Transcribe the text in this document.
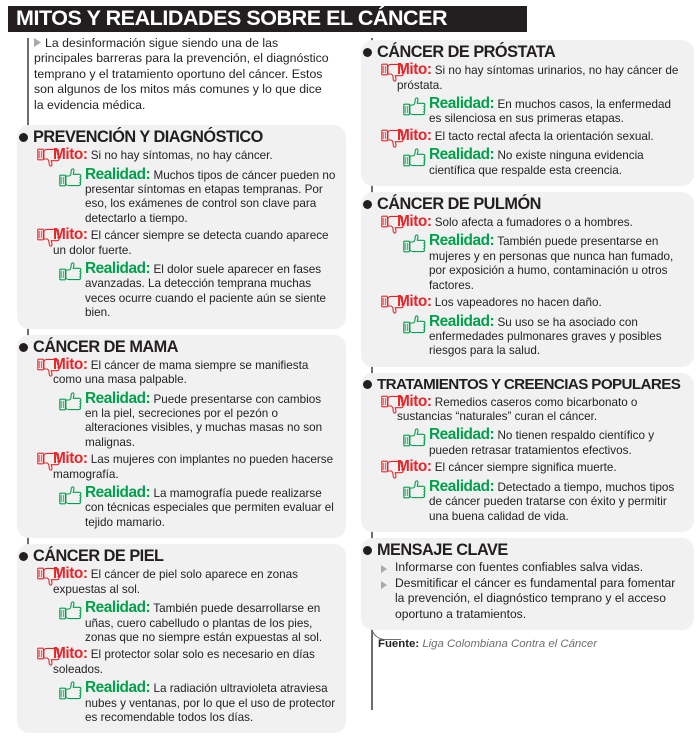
MITOS Y REALIDADES SOBRE EL CÁNCER
La desinformación sigue siendo una de las principales barreras para la prevención, el diagnóstico temprano y el tratamiento oportuno del cáncer. Estos son algunos de los mitos más comunes y lo que dice la evidencia médica.
PREVENCIÓN Y DIAGNÓSTICO
Mito: Si no hay síntomas, no hay cáncer.
Realidad: Muchos tipos de cáncer pueden no presentar síntomas en etapas tempranas. Por eso, los exámenes de control son clave para detectarlo a tiempo.
Mito: El cáncer siempre se detecta cuando aparece un dolor fuerte.
Realidad: El dolor suele aparecer en fases avanzadas. La detección temprana muchas veces ocurre cuando el paciente aún se siente bien.
CÁNCER DE MAMA
Mito: El cáncer de mama siempre se manifiesta como una masa palpable.
Realidad: Puede presentarse con cambios en la piel, secreciones por el pezón o alteraciones visibles, y muchas masas no son malignas.
Mito: Las mujeres con implantes no pueden hacerse mamografía.
Realidad: La mamografía puede realizarse con técnicas especiales que permiten evaluar el tejido mamario.
CÁNCER DE PIEL
Mito: El cáncer de piel solo aparece en zonas expuestas al sol.
Realidad: También puede desarrollarse en uñas, cuero cabelludo o plantas de los pies, zonas que no siempre están expuestas al sol.
Mito: El protector solar solo es necesario en días soleados.
Realidad: La radiación ultravioleta atraviesa nubes y ventanas, por lo que el uso de protector es recomendable todos los días.
CÁNCER DE PRÓSTATA
Mito: Si no hay síntomas urinarios, no hay cáncer de próstata.
Realidad: En muchos casos, la enfermedad es silenciosa en sus primeras etapas.
Mito: El tacto rectal afecta la orientación sexual.
Realidad: No existe ninguna evidencia científica que respalde esta creencia.
CÁNCER DE PULMÓN
Mito: Solo afecta a fumadores o a hombres.
Realidad: También puede presentarse en mujeres y en personas que nunca han fumado, por exposición a humo, contaminación u otros factores.
Mito: Los vapeadores no hacen daño.
Realidad: Su uso se ha asociado con enfermedades pulmonares graves y posibles riesgos para la salud.
TRATAMIENTOS Y CREENCIAS POPULARES
Mito: Remedios caseros como bicarbonato o sustancias “naturales” curan el cáncer.
Realidad: No tienen respaldo científico y pueden retrasar tratamientos efectivos.
Mito: El cáncer siempre significa muerte.
Realidad: Detectado a tiempo, muchos tipos de cáncer pueden tratarse con éxito y permitir una buena calidad de vida.
MENSAJE CLAVE
Informarse con fuentes confiables salva vidas.
Desmitificar el cáncer es fundamental para fomentar la prevención, el diagnóstico temprano y el acceso oportuno a tratamientos.
Fuente: Liga Colombiana Contra el Cáncer
